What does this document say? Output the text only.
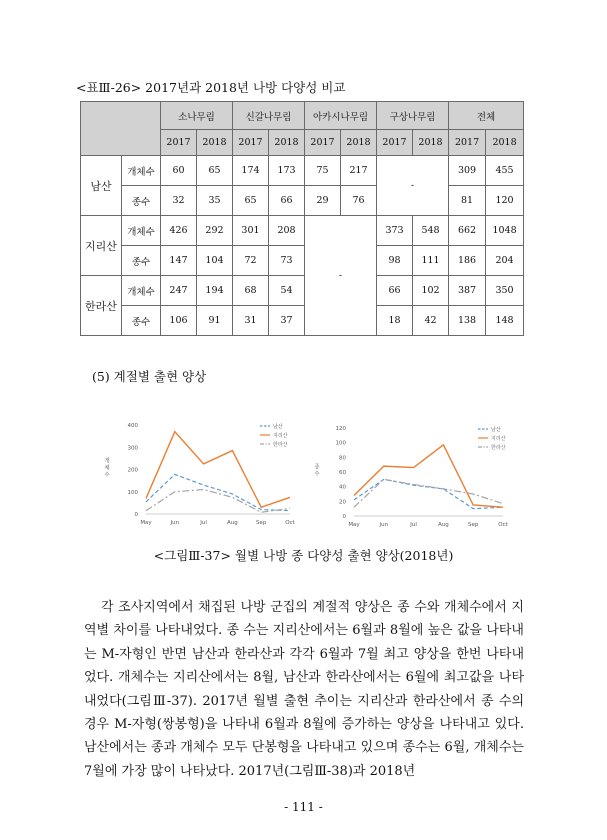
<표Ⅲ-26> 2017년과 2018년 나방 다양성 비교
		소나무림		신갈나무림		아카시나무림		구상나무림		전체	
		2017	2018	2017	2018	2017	2018	2017	2018	2017	2018
남산	개체수	60	65	174	173	75	217	-		309	455
	종수	32	35	65	66	29	76			81	120
지리산	개체수	426	292	301	208	-		373	548	662	1048
	종수	147	104	72	73			98	111	186	204
한라산	개체수	247	194	68	54			66	102	387	350
	종수	106	91	31	37			18	42	138	148
(5) 계절별 출현 양상
0
100
200
300
400
May	Jun	Jul	Aug	Sep	Oct
개
체
수
남산
지리산
한라산
0
20
40
60
80
100
120
May	Jun	Jul	Aug	Sep	Oct
종
수
남산
지리산
한라산
<그림Ⅲ-37> 월별 나방 종 다양성 출현 양상(2018년)

각 조사지역에서 채집된 나방 군집의 계절적 양상은 종 수와 개체수에서 지역별 차이를 나타내었다. 종 수는 지리산에서는 6월과 8월에 높은 값을 나타내는 M-자형인 반면 남산과 한라산과 각각 6월과 7월 최고 양상을 한번 나타내었다. 개체수는 지리산에서는 8월, 남산과 한라산에서는 6월에 최고값을 나타내었다(그림Ⅲ-37). 2017년 월별 출현 추이는 지리산과 한라산에서 종 수의 경우 M-자형(쌍봉형)을 나타내 6월과 8월에 증가하는 양상을 나타내고 있다. 남산에서는 종과 개체수 모두 단봉형을 나타내고 있으며 종수는 6월, 개체수는 7월에 가장 많이 나타났다. 2017년(그림Ⅲ-38)과 2018년

- 111 -
